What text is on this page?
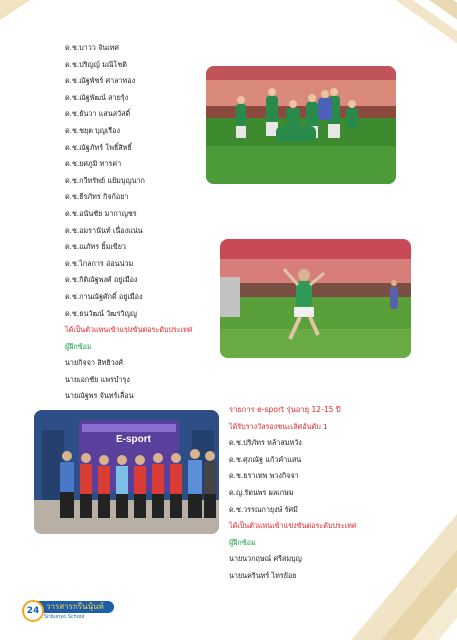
ด.ช.บาวว จันเทศ
ด.ช.ปริญญ์ มณีโชติ
ด.ช.ณัฐพัชร์ ศาลาทอง
ด.ช.ณัฐพัฒน์ สายรุ้ง
ด.ช.ธันวา แสนสวัสดิ์
ด.ช.ชยุต บุญเรือง
ด.ช.ณัฐภัทร์ โพธิ์สิทธิ์
ด.ช.ยศภูมิ ทารค่า
ด.ช.กวีทรัพย์ แย้มบุญนาก
ด.ช.ธีรภัทร กิจก้อยา
ด.ช.อนันชัย มากาญชร
ด.ช.อมรานันท์ เนื่องแน่น
ด.ช.ณภัทร ยิ้มเขียว
ด.ช.ไกลการ อ่อนน่วม
ด.ช.กิติณัฐพงศ์ อยู่เมือง
ด.ช.กานณัฐศักดิ์ อยู่เมือง
ด.ช.ธนวัฒน์ วัฒรวิญญู
ได้เป็นตัวแทนเข้าแข่งขันต่อระดับประเทศ
ผู้ฝึกซ้อม
นายกิจจา สิทธิวงศ์
นายเอกชัย แพรบำรุง
นายณัฐพร จันทร์เลื่อน
E-sport
รายการ e-sport รุ่นอายุ 12-15 ปี
ได้รับรางวัลรองชนะเลิศอันดับ 1
ด.ช.ปริภัทร หล้าสมหวัง
ด.ช.ศุภณัฐ แก้วคำแสน
ด.ช.ธราเทพ พวงกิจจา
ด.ญ.รัตนพร ผลเกษม
ด.ช.วรรณกายุงษ์ รัศมี
ได้เป็นตัวแทนเข้าแข่งขันต่อระดับประเทศ
ผู้ฝึกซ้อม
นายนวกฤษณ์ ศรีสมบุญ
นายนครินทร์ ไทรย้อย
วารสารกรีนนุ้นท์
24
Sribunyo School
